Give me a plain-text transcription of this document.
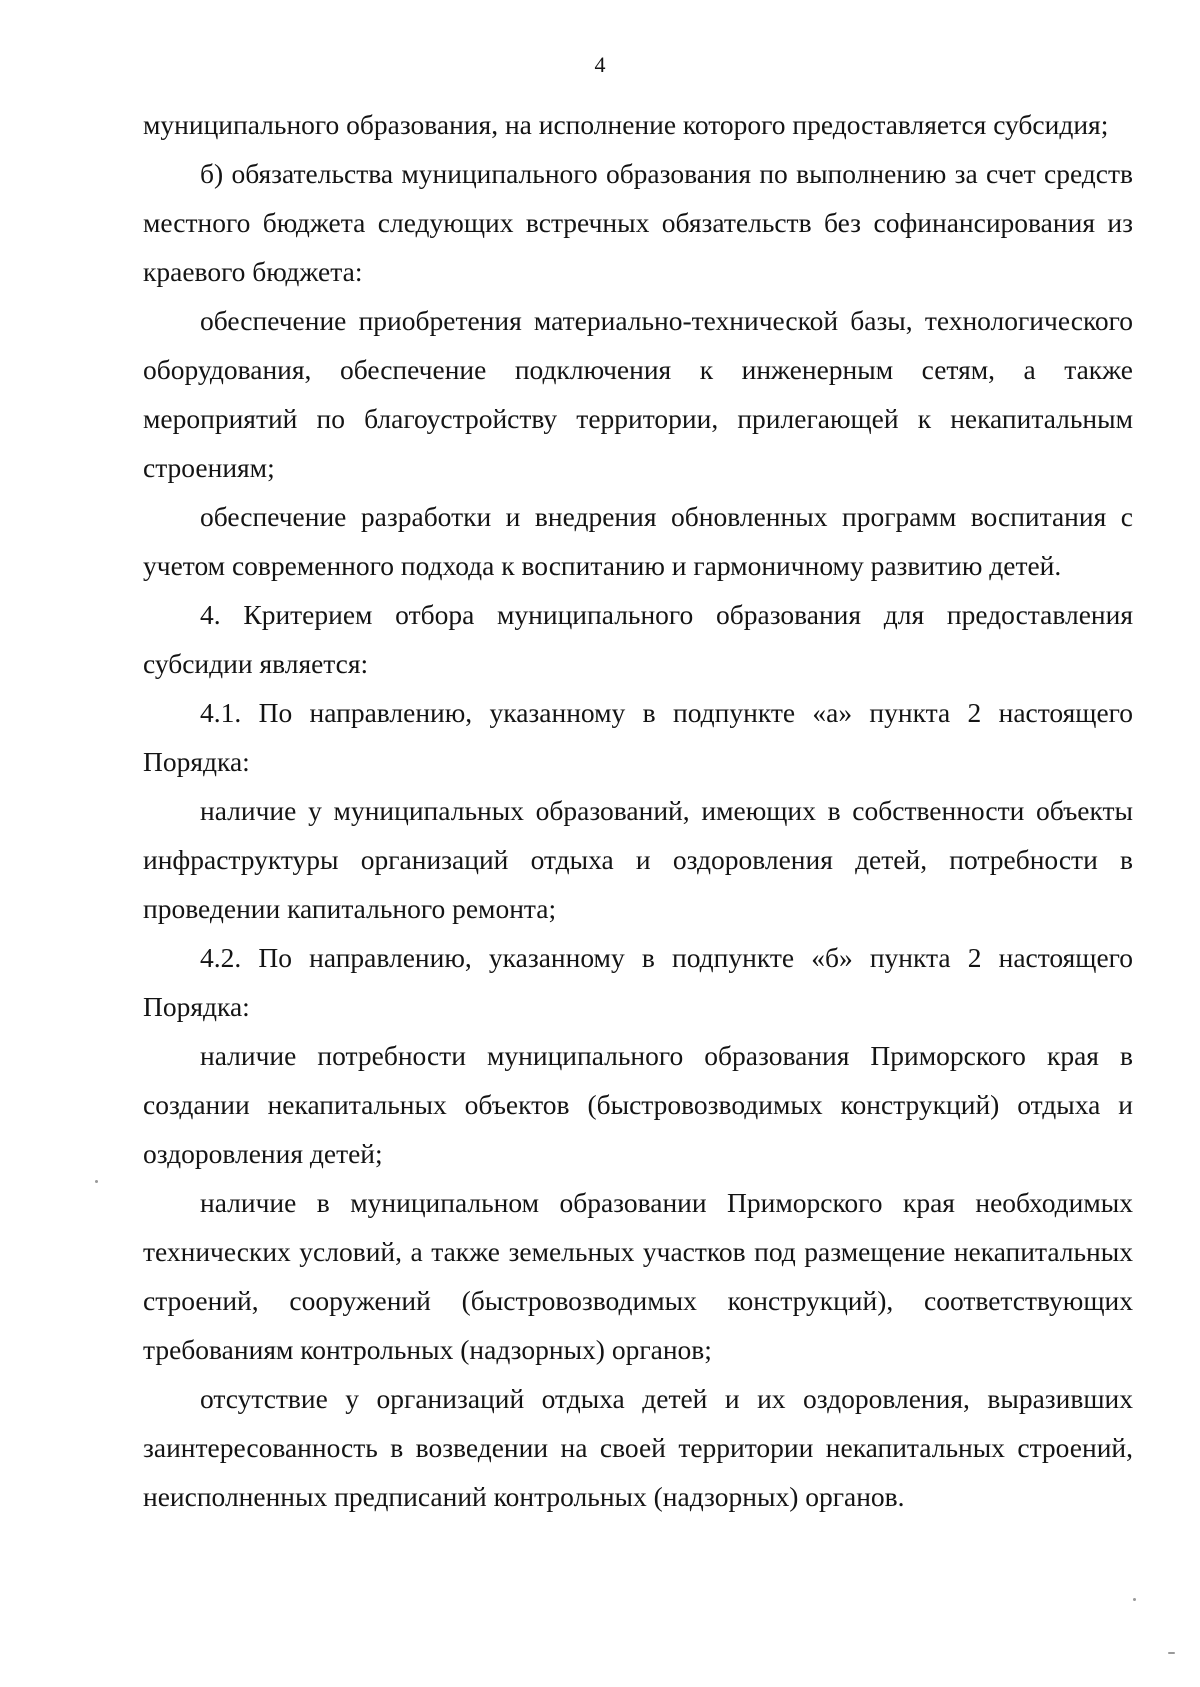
4

муниципального образования, на исполнение которого предоставляется субсидия;

б) обязательства муниципального образования по выполнению за счет средств местного бюджета следующих встречных обязательств без софинансирования из краевого бюджета:

обеспечение приобретения материально-технической базы, технологического оборудования, обеспечение подключения к инженерным сетям, а также мероприятий по благоустройству территории, прилегающей к некапитальным строениям;

обеспечение разработки и внедрения обновленных программ воспитания с учетом современного подхода к воспитанию и гармоничному развитию детей.

4. Критерием отбора муниципального образования для предоставления субсидии является:

4.1. По направлению, указанному в подпункте «а» пункта 2 настоящего Порядка:

наличие у муниципальных образований, имеющих в собственности объекты инфраструктуры организаций отдыха и оздоровления детей, потребности в проведении капитального ремонта;

4.2. По направлению, указанному в подпункте «б» пункта 2 настоящего Порядка:

наличие потребности муниципального образования Приморского края в создании некапитальных объектов (быстровозводимых конструкций) отдыха и оздоровления детей;

наличие в муниципальном образовании Приморского края необходимых технических условий, а также земельных участков под размещение некапитальных строений, сооружений (быстровозводимых конструкций), соответствующих требованиям контрольных (надзорных) органов;

отсутствие у организаций отдыха детей и их оздоровления, выразивших заинтересованность в возведении на своей территории некапитальных строений, неисполненных предписаний контрольных (надзорных) органов.
